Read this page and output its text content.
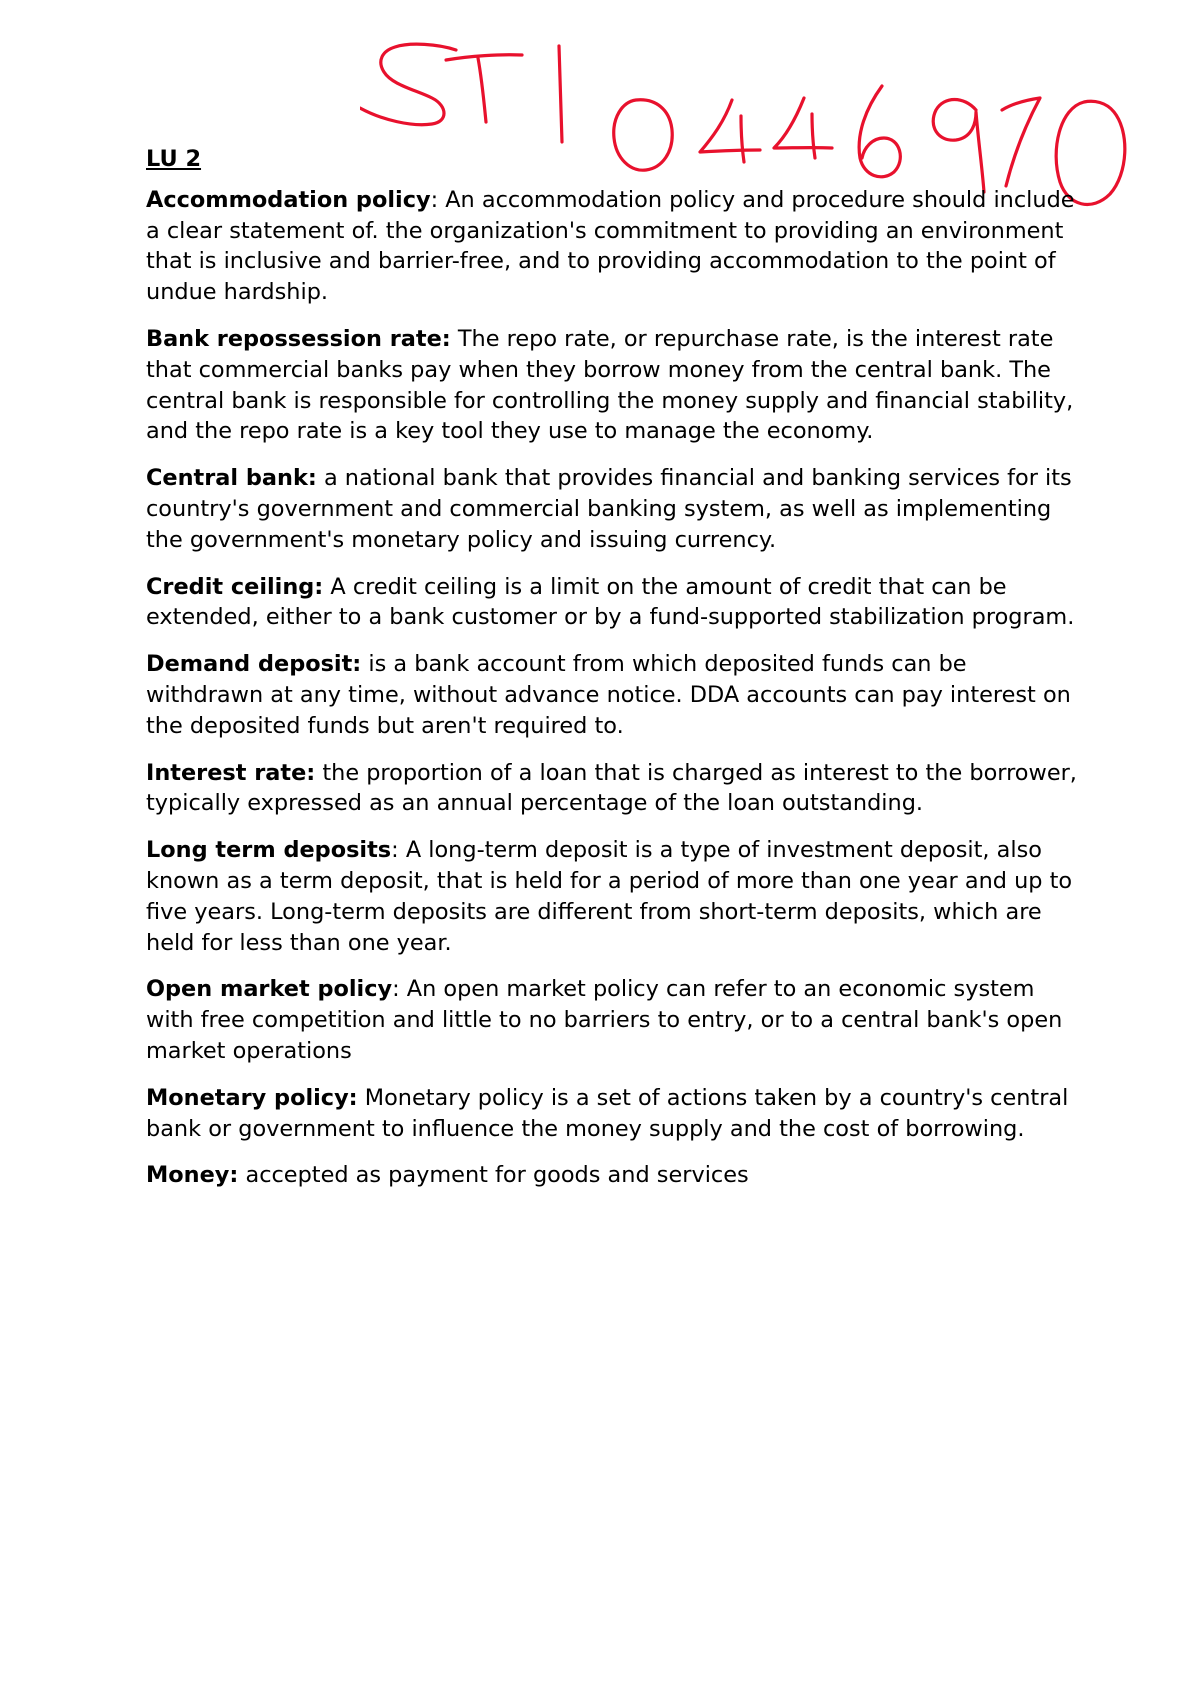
ST10446970
LU 2
Accommodation policy: An accommodation policy and procedure should include a clear statement of. the organization's commitment to providing an environment that is inclusive and barrier-free, and to providing accommodation to the point of undue hardship.
Bank repossession rate: The repo rate, or repurchase rate, is the interest rate that commercial banks pay when they borrow money from the central bank. The central bank is responsible for controlling the money supply and financial stability, and the repo rate is a key tool they use to manage the economy.
Central bank: a national bank that provides financial and banking services for its country's government and commercial banking system, as well as implementing the government's monetary policy and issuing currency.
Credit ceiling: A credit ceiling is a limit on the amount of credit that can be extended, either to a bank customer or by a fund-supported stabilization program.
Demand deposit: is a bank account from which deposited funds can be withdrawn at any time, without advance notice. DDA accounts can pay interest on the deposited funds but aren't required to.
Interest rate: the proportion of a loan that is charged as interest to the borrower, typically expressed as an annual percentage of the loan outstanding.
Long term deposits: A long-term deposit is a type of investment deposit, also known as a term deposit, that is held for a period of more than one year and up to five years. Long-term deposits are different from short-term deposits, which are held for less than one year.
Open market policy: An open market policy can refer to an economic system with free competition and little to no barriers to entry, or to a central bank's open market operations
Monetary policy: Monetary policy is a set of actions taken by a country's central bank or government to influence the money supply and the cost of borrowing.
Money: accepted as payment for goods and services
